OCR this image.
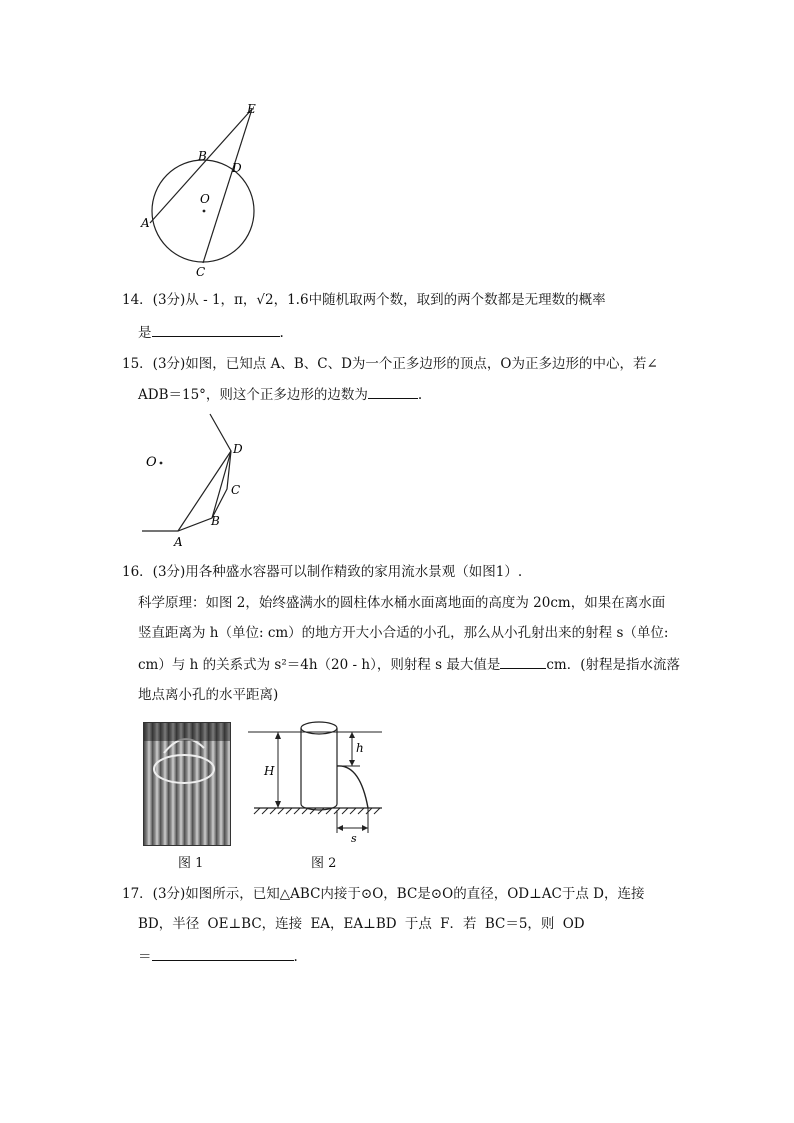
E
B
D
O
A
C
14．(3分)从 - 1，π，√2，1.6中随机取两个数，取到的两个数都是无理数的概率
是	.
15．(3分)如图，已知点 A、B、C、D为一个正多边形的顶点，O为正多边形的中心，若∠
ADB＝15°，则这个正多边形的边数为	.
O
D
C
B
A
16．(3分)用各种盛水容器可以制作精致的家用流水景观（如图1）.
科学原理：如图 2，始终盛满水的圆柱体水桶水面离地面的高度为 20cm，如果在离水面
竖直距离为 h（单位: cm）的地方开大小合适的小孔，那么从小孔射出来的射程 s（单位:
cm）与 h 的关系式为 s²＝4h（20 - h），则射程 s 最大值是	cm．(射程是指水流落
地点离小孔的水平距离)
H
h
s
图 1	图 2
17．(3分)如图所示，已知△ABC内接于⊙O，BC是⊙O的直径，OD⊥AC于点 D，连接
BD，半径 OE⊥BC，连接 EA，EA⊥BD 于点 F．若 BC＝5，则 OD
＝	.
